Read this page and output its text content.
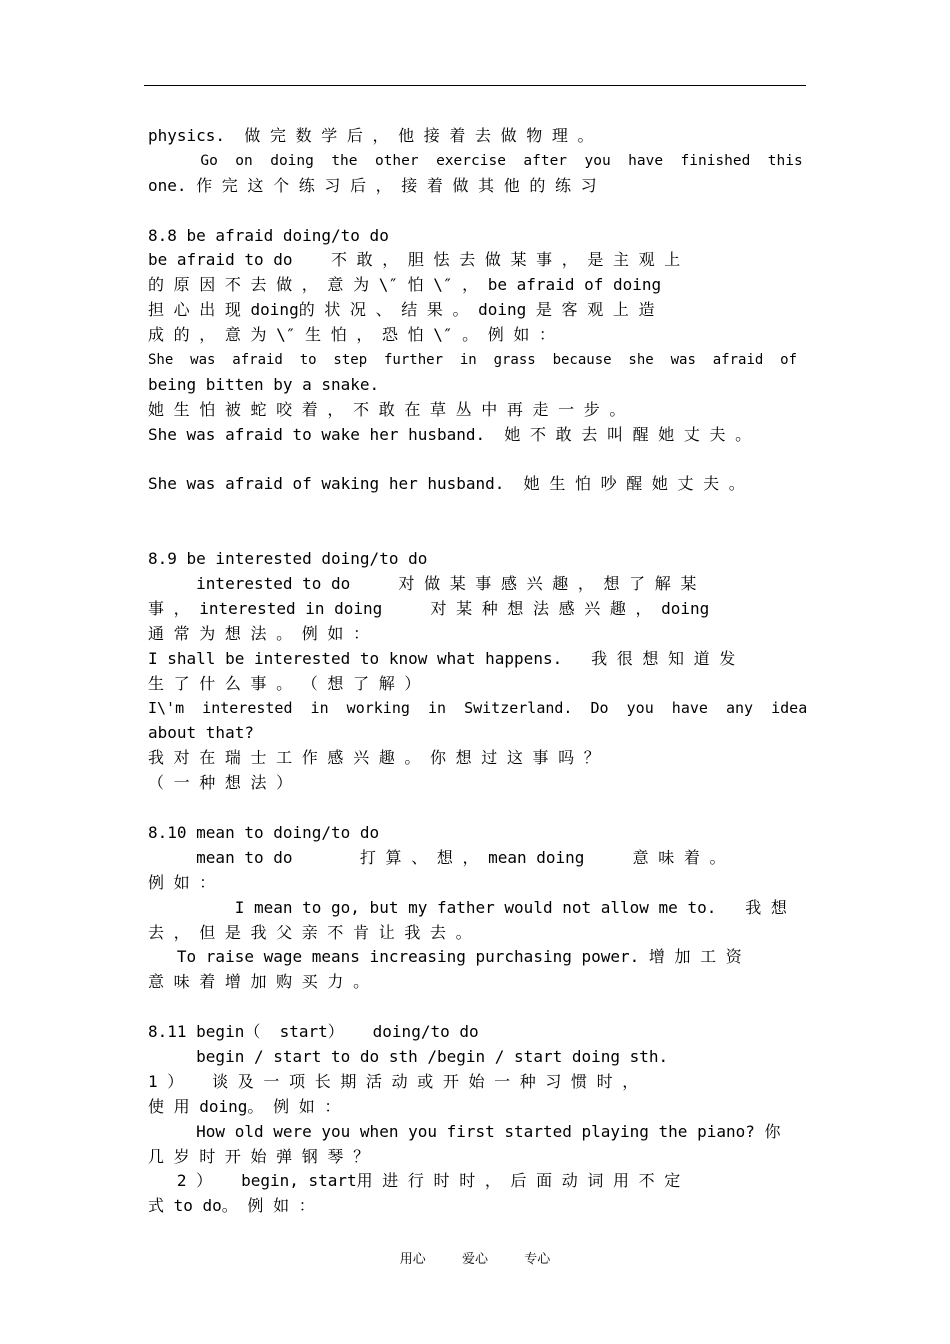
physics.  做 完 数 学 后 ， 他 接 着 去 做 物 理 。
Go  on  doing  the  other  exercise  after  you  have  finished  this
one. 作 完 这 个 练 习 后 ， 接 着 做 其 他 的 练 习
8.8 be afraid doing/to do
be afraid to do    不 敢 ， 胆 怯 去 做 某 事 ， 是 主 观 上
的 原 因 不 去 做 ， 意 为 \″ 怕 \″ ， be afraid of doing
担 心 出 现 doing的 状 况 、 结 果 。 doing 是 客 观 上 造
成 的 ， 意 为 \″ 生 怕 ， 恐 怕 \″ 。 例 如 ：
She  was  afraid  to  step  further  in  grass  because  she  was  afraid  of
being bitten by a snake.
她 生 怕 被 蛇 咬 着 ， 不 敢 在 草 丛 中 再 走 一 步 。
She was afraid to wake her husband.  她 不 敢 去 叫 醒 她 丈 夫 。
She was afraid of waking her husband.  她 生 怕 吵 醒 她 丈 夫 。
8.9 be interested doing/to do
interested to do     对 做 某 事 感 兴 趣 ， 想 了 解 某
事 ， interested in doing     对 某 种 想 法 感 兴 趣 ， doing
通 常 为 想 法 。 例 如 ：
I shall be interested to know what happens.   我 很 想 知 道 发
生 了 什 么 事 。 （ 想 了 解 ）
I\'m  interested  in  working  in  Switzerland.  Do  you  have  any  idea
about that?
我 对 在 瑞 士 工 作 感 兴 趣 。 你 想 过 这 事 吗 ？
（ 一 种 想 法 ）
8.10 mean to doing/to do
mean to do       打 算 、 想 ， mean doing     意 味 着 。
例 如 ：
I mean to go, but my father would not allow me to.   我 想
去 ， 但 是 我 父 亲 不 肯 让 我 去 。
To raise wage means increasing purchasing power. 增 加 工 资
意 味 着 增 加 购 买 力 。
8.11 begin（  start）   doing/to do
begin / start to do sth /begin / start doing sth.
1 ）   谈 及 一 项 长 期 活 动 或 开 始 一 种 习 惯 时 ，
使 用 doing。 例 如 ：
How old were you when you first started playing the piano? 你
几 岁 时 开 始 弹 钢 琴 ？
2 ）   begin, start用 进 行 时 时 ， 后 面 动 词 用 不 定
式 to do。 例 如 ：
用心  爱心  专心
